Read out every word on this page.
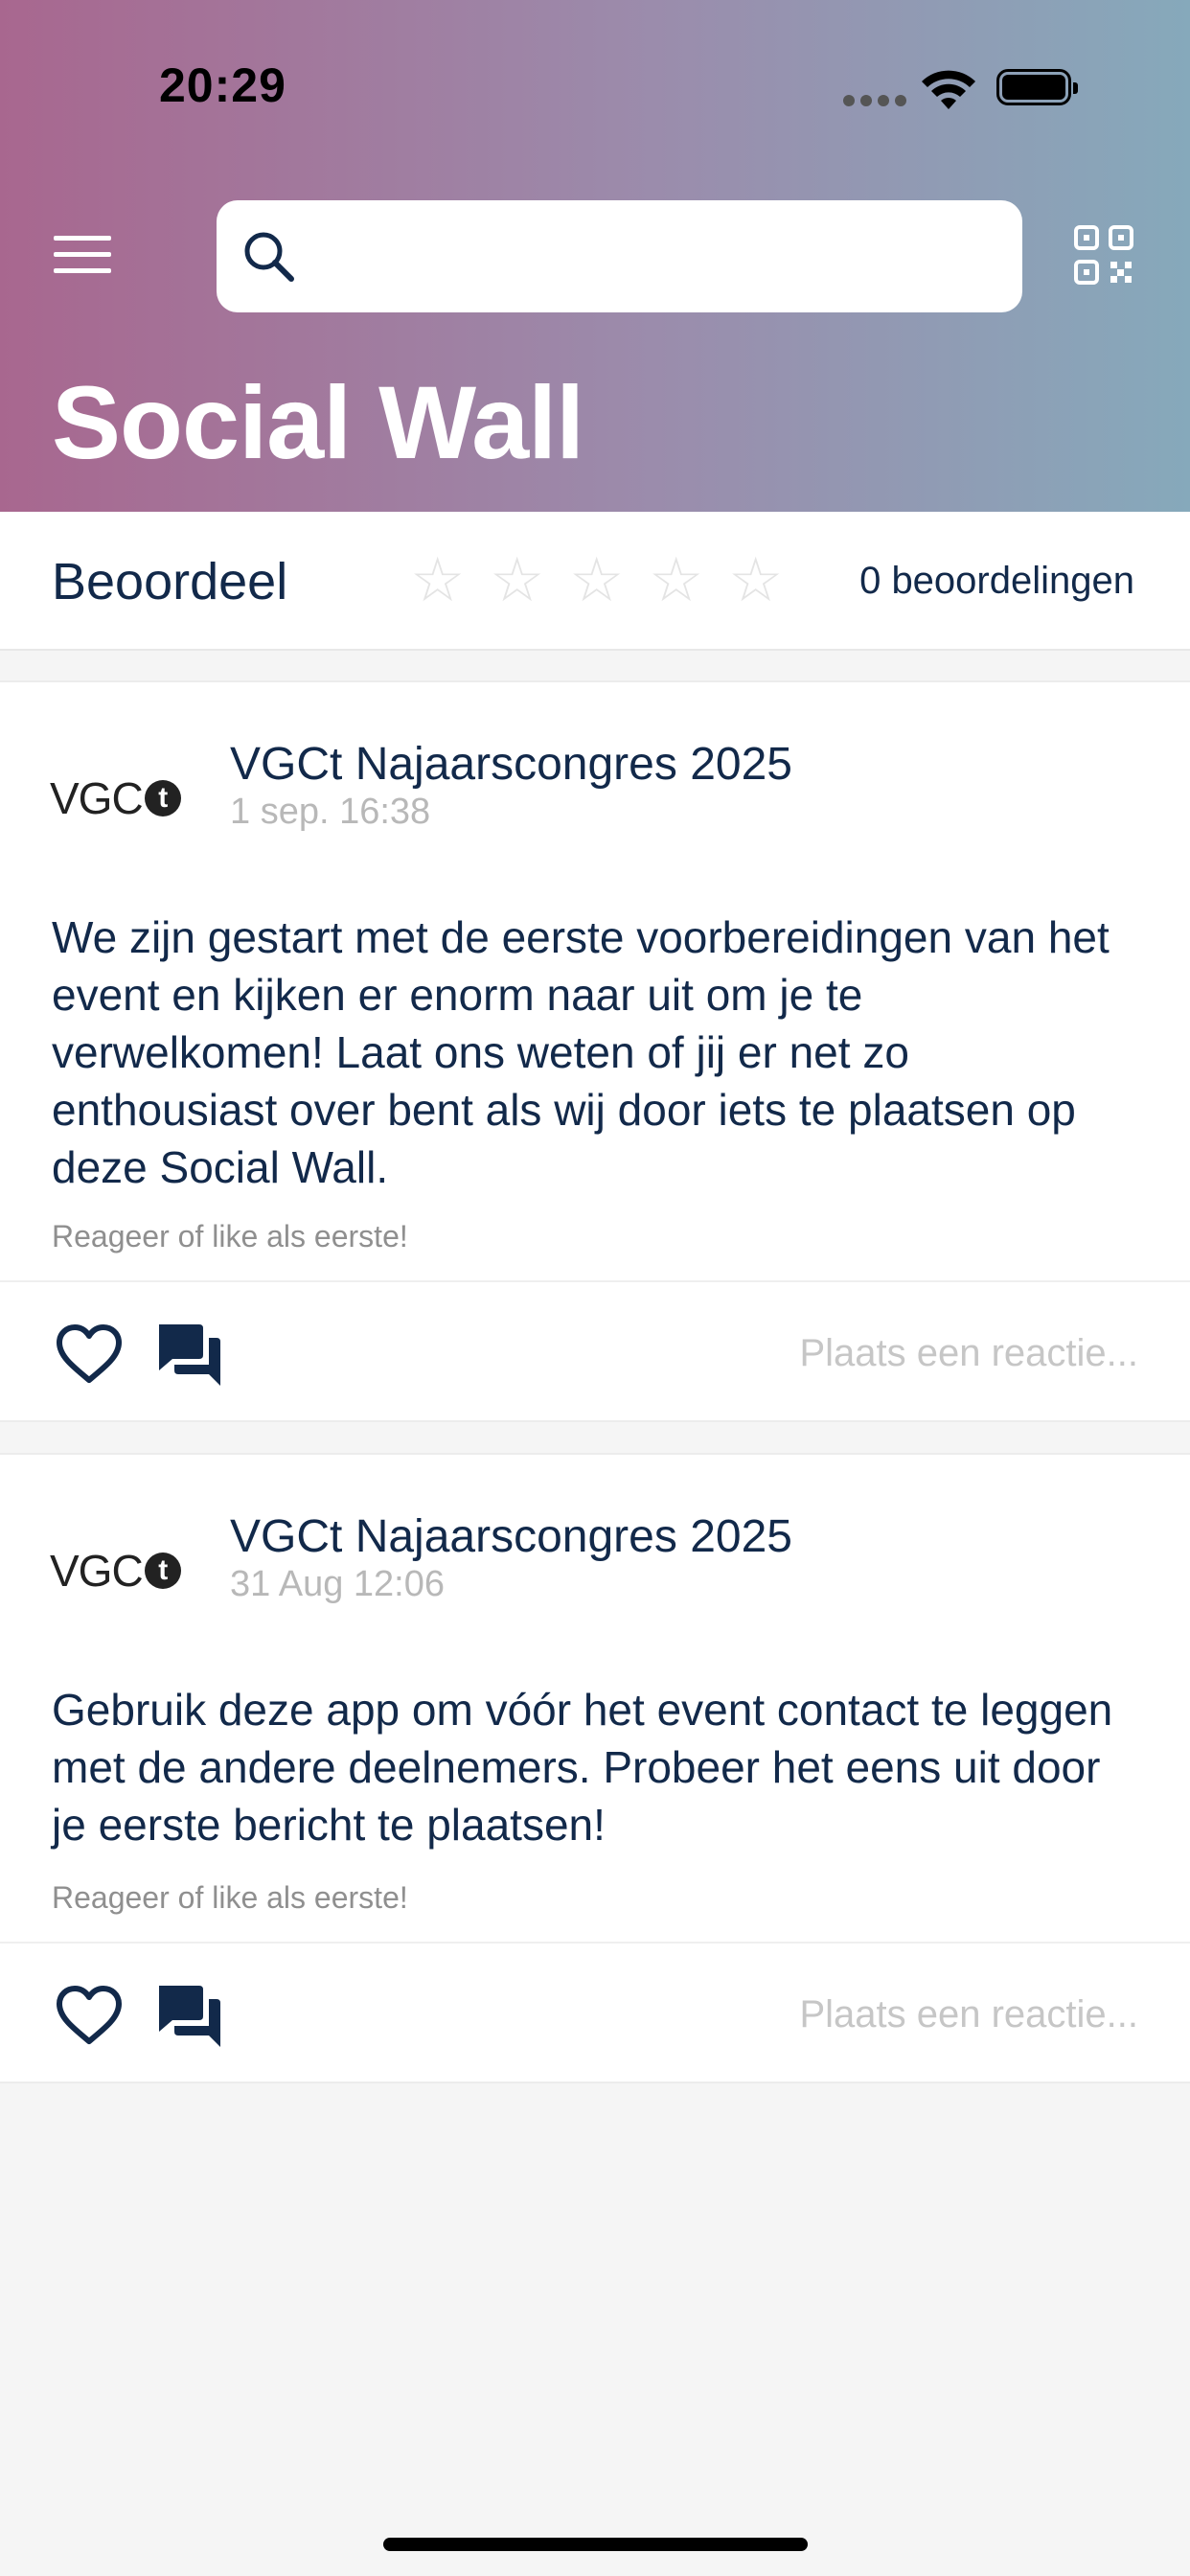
20:29
Social Wall
Beoordeel ☆ ☆ ☆ ☆ ☆	0 beoordelingen
VGC t
VGCt Najaarscongres 2025
1 sep. 16:38

We zijn gestart met de eerste voorbereidingen van het event en kijken er enorm naar uit om je te verwelkomen! Laat ons weten of jij er net zo enthousiast over bent als wij door iets te plaatsen op deze Social Wall.

Reageer of like als eerste!
Plaats een reactie...
VGC t
VGCt Najaarscongres 2025
31 Aug 12:06

Gebruik deze app om vóór het event contact te leggen met de andere deelnemers. Probeer het eens uit door je eerste bericht te plaatsen!

Reageer of like als eerste!
Plaats een reactie...
